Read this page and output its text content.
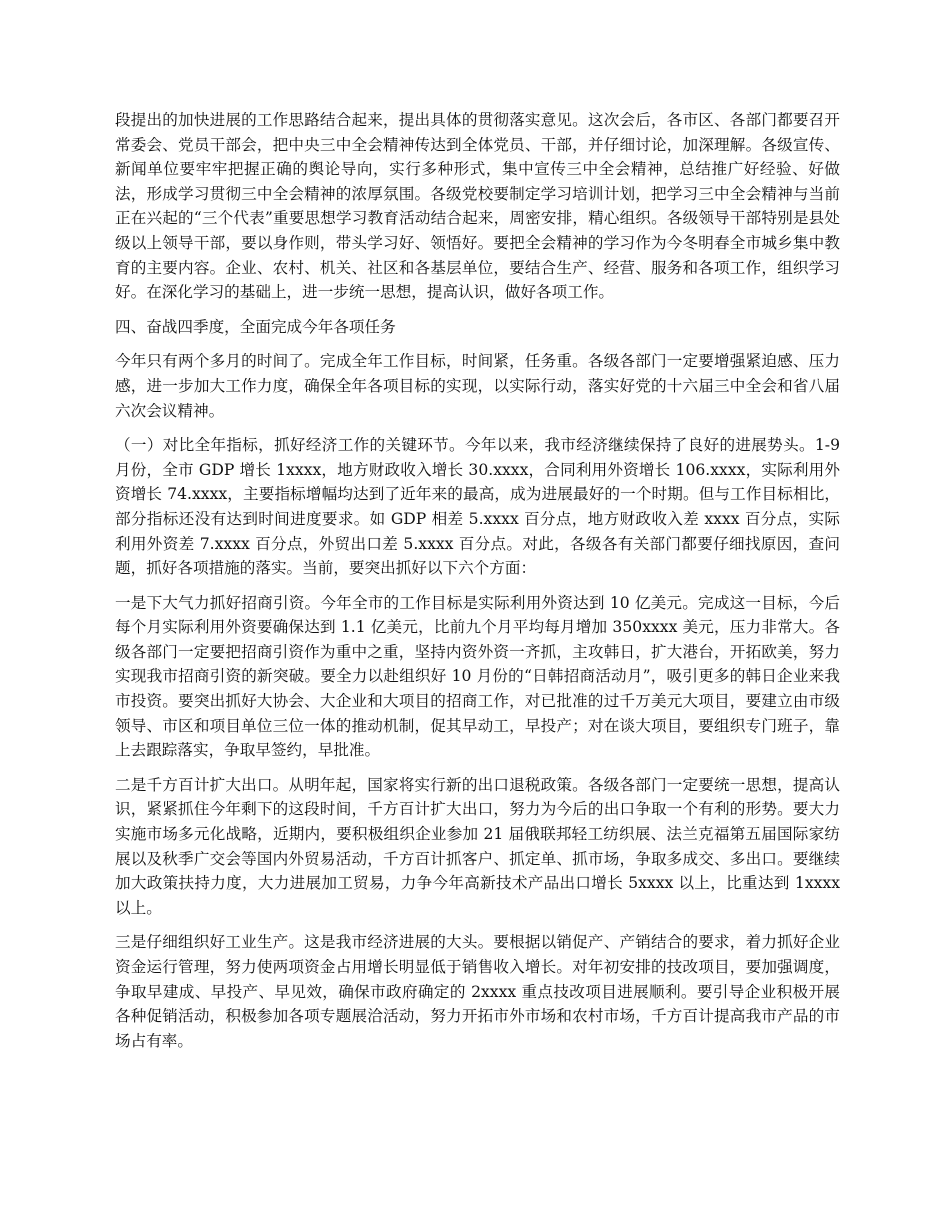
段提出的加快进展的工作思路结合起来，提出具体的贯彻落实意见。这次会后，各市区、各部门都要召开常委会、党员干部会，把中央三中全会精神传达到全体党员、干部，并仔细讨论，加深理解。各级宣传、新闻单位要牢牢把握正确的舆论导向，实行多种形式，集中宣传三中全会精神，总结推广好经验、好做法，形成学习贯彻三中全会精神的浓厚氛围。各级党校要制定学习培训计划，把学习三中全会精神与当前正在兴起的“三个代表”重要思想学习教育活动结合起来，周密安排，精心组织。各级领导干部特别是县处级以上领导干部，要以身作则，带头学习好、领悟好。要把全会精神的学习作为今冬明春全市城乡集中教育的主要内容。企业、农村、机关、社区和各基层单位，要结合生产、经营、服务和各项工作，组织学习好。在深化学习的基础上，进一步统一思想，提高认识，做好各项工作。

四、奋战四季度，全面完成今年各项任务

今年只有两个多月的时间了。完成全年工作目标，时间紧，任务重。各级各部门一定要增强紧迫感、压力感，进一步加大工作力度，确保全年各项目标的实现，以实际行动，落实好党的十六届三中全会和省八届六次会议精神。

（一）对比全年指标，抓好经济工作的关键环节。今年以来，我市经济继续保持了良好的进展势头。1-9 月份，全市 GDP 增长 1xxxx，地方财政收入增长 30.xxxx，合同利用外资增长 106.xxxx，实际利用外资增长 74.xxxx，主要指标增幅均达到了近年来的最高，成为进展最好的一个时期。但与工作目标相比，部分指标还没有达到时间进度要求。如 GDP 相差 5.xxxx 百分点，地方财政收入差 xxxx 百分点，实际利用外资差 7.xxxx 百分点，外贸出口差 5.xxxx 百分点。对此，各级各有关部门都要仔细找原因，查问题，抓好各项措施的落实。当前，要突出抓好以下六个方面：

一是下大气力抓好招商引资。今年全市的工作目标是实际利用外资达到 10 亿美元。完成这一目标，今后每个月实际利用外资要确保达到 1.1 亿美元，比前九个月平均每月增加 350xxxx 美元，压力非常大。各级各部门一定要把招商引资作为重中之重，坚持内资外资一齐抓，主攻韩日，扩大港台，开拓欧美，努力实现我市招商引资的新突破。要全力以赴组织好 10 月份的“日韩招商活动月”，吸引更多的韩日企业来我市投资。要突出抓好大协会、大企业和大项目的招商工作，对已批准的过千万美元大项目，要建立由市级领导、市区和项目单位三位一体的推动机制，促其早动工，早投产；对在谈大项目，要组织专门班子，靠上去跟踪落实，争取早签约，早批准。

二是千方百计扩大出口。从明年起，国家将实行新的出口退税政策。各级各部门一定要统一思想，提高认识，紧紧抓住今年剩下的这段时间，千方百计扩大出口，努力为今后的出口争取一个有利的形势。要大力实施市场多元化战略，近期内，要积极组织企业参加 21 届俄联邦轻工纺织展、法兰克福第五届国际家纺展以及秋季广交会等国内外贸易活动，千方百计抓客户、抓定单、抓市场，争取多成交、多出口。要继续加大政策扶持力度，大力进展加工贸易，力争今年高新技术产品出口增长 5xxxx 以上，比重达到 1xxxx 以上。

三是仔细组织好工业生产。这是我市经济进展的大头。要根据以销促产、产销结合的要求，着力抓好企业资金运行管理，努力使两项资金占用增长明显低于销售收入增长。对年初安排的技改项目，要加强调度，争取早建成、早投产、早见效，确保市政府确定的 2xxxx 重点技改项目进展顺利。要引导企业积极开展各种促销活动，积极参加各项专题展洽活动，努力开拓市外市场和农村市场，千方百计提高我市产品的市场占有率。
